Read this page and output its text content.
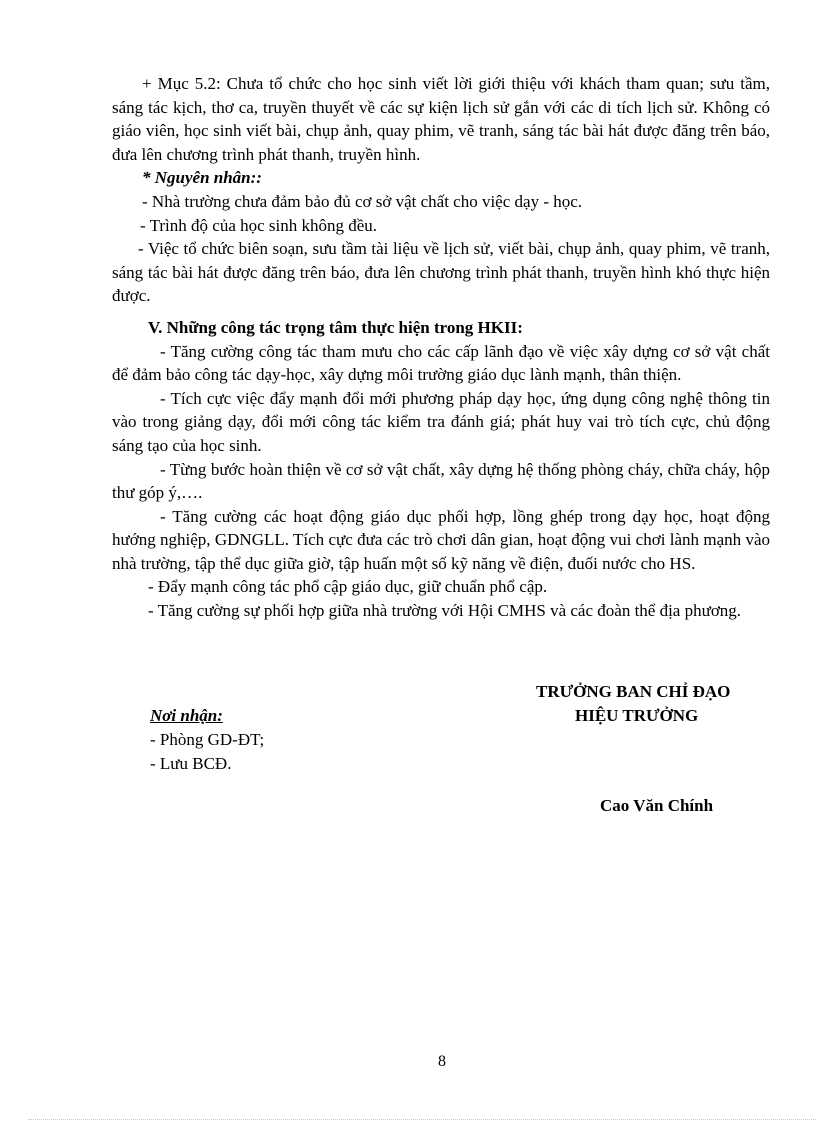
+ Mục 5.2: Chưa tổ chức cho học sinh viết lời giới thiệu với khách tham quan; sưu tầm, sáng tác kịch, thơ ca, truyền thuyết về các sự kiện lịch sử gắn với các di tích lịch sử. Không có giáo viên, học sinh viết bài, chụp ảnh, quay phim, vẽ tranh, sáng tác bài hát được đăng trên báo, đưa lên chương trình phát thanh, truyền hình.

* Nguyên nhân::

- Nhà trường chưa đảm bảo đủ cơ sở vật chất cho việc dạy - học.

- Trình độ của học sinh không đều.

- Việc tổ chức biên soạn, sưu tầm tài liệu về lịch sử, viết bài, chụp ảnh, quay phim, vẽ tranh, sáng tác bài hát được đăng trên báo, đưa lên chương trình phát thanh, truyền hình khó thực hiện được.

V. Những công tác trọng tâm thực hiện trong HKII:

- Tăng cường công tác tham mưu cho các cấp lãnh đạo về việc xây dựng cơ sở vật chất để đảm bảo công tác dạy-học, xây dựng môi trường giáo dục lành mạnh, thân thiện.

- Tích cực việc đẩy mạnh đổi mới phương pháp dạy học, ứng dụng công nghệ thông tin vào trong giảng dạy, đổi mới công tác kiểm tra đánh giá; phát huy vai trò tích cực, chủ động sáng tạo của học sinh.

- Từng bước hoàn thiện về cơ sở vật chất, xây dựng hệ thống phòng cháy, chữa cháy, hộp thư góp ý,….

- Tăng cường các hoạt động giáo dục phối hợp, lồng ghép trong dạy học, hoạt động hướng nghiệp, GDNGLL. Tích cực đưa các trò chơi dân gian, hoạt động vui chơi lành mạnh vào nhà trường, tập thể dục giữa giờ, tập huấn một số kỹ năng về điện, đuối nước cho HS.

- Đẩy mạnh công tác phổ cập giáo dục, giữ chuẩn phổ cập.

- Tăng cường sự phối hợp giữa nhà trường với Hội CMHS và các đoàn thể địa phương.

TRƯỞNG BAN CHỈ ĐẠO
HIỆU TRƯỞNG
Nơi nhận:
- Phòng GD-ĐT;
- Lưu BCĐ.
Cao Văn Chính
8
